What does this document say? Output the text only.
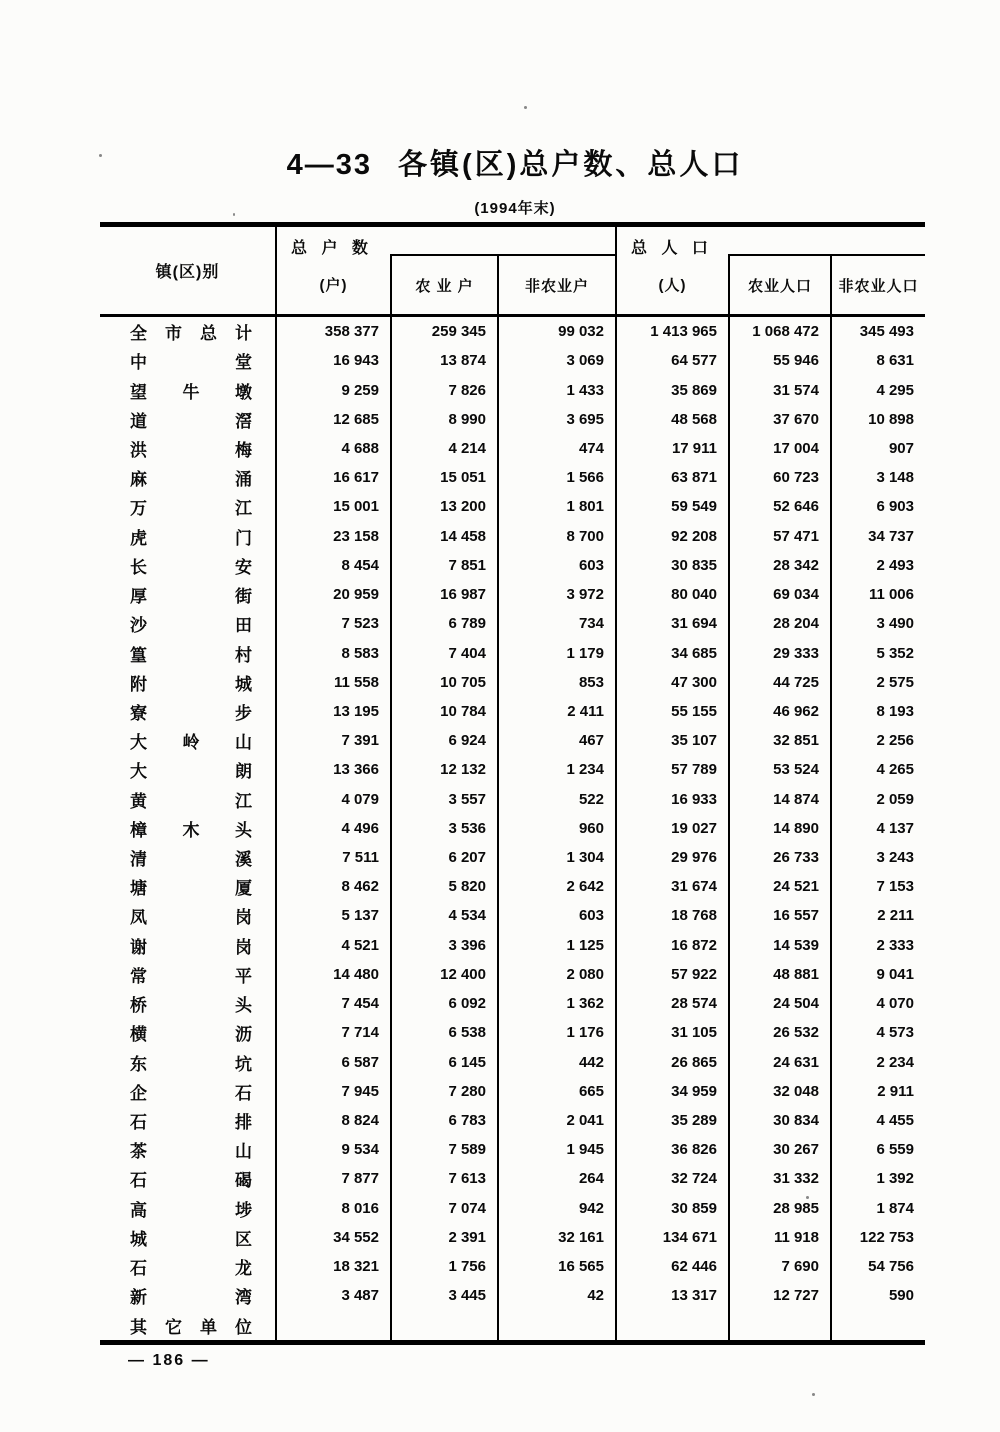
4—33 各镇(区)总户数、总人口
(1994年末)
镇(区)别
总 户 数
(户)	农 业 户	非农业户
总 人 口
(人)	农业人口	非农业人口
全 市 总 计	358 377	259 345	99 032	1 413 965	1 068 472	345 493
中	堂	16 943	13 874	3 069	64 577	55 946	8 631
望 牛 墩	9 259	7 826	1 433	35 869	31 574	4 295
道	滘	12 685	8 990	3 695	48 568	37 670	10 898
洪	梅	4 688	4 214	474	17 911	17 004	907
麻	涌	16 617	15 051	1 566	63 871	60 723	3 148
万	江	15 001	13 200	1 801	59 549	52 646	6 903
虎	门	23 158	14 458	8 700	92 208	57 471	34 737
长	安	8 454	7 851	603	30 835	28 342	2 493
厚	街	20 959	16 987	3 972	80 040	69 034	11 006
沙	田	7 523	6 789	734	31 694	28 204	3 490
篁	村	8 583	7 404	1 179	34 685	29 333	5 352
附	城	11 558	10 705	853	47 300	44 725	2 575
寮	步	13 195	10 784	2 411	55 155	46 962	8 193
大 岭 山	7 391	6 924	467	35 107	32 851	2 256
大	朗	13 366	12 132	1 234	57 789	53 524	4 265
黄	江	4 079	3 557	522	16 933	14 874	2 059
樟 木 头	4 496	3 536	960	19 027	14 890	4 137
清	溪	7 511	6 207	1 304	29 976	26 733	3 243
塘	厦	8 462	5 820	2 642	31 674	24 521	7 153
凤	岗	5 137	4 534	603	18 768	16 557	2 211
谢	岗	4 521	3 396	1 125	16 872	14 539	2 333
常	平	14 480	12 400	2 080	57 922	48 881	9 041
桥	头	7 454	6 092	1 362	28 574	24 504	4 070
横	沥	7 714	6 538	1 176	31 105	26 532	4 573
东	坑	6 587	6 145	442	26 865	24 631	2 234
企	石	7 945	7 280	665	34 959	32 048	2 911
石	排	8 824	6 783	2 041	35 289	30 834	4 455
茶	山	9 534	7 589	1 945	36 826	30 267	6 559
石	碣	7 877	7 613	264	32 724	31 332	1 392
高	埗	8 016	7 074	942	30 859	28 985	1 874
城	区	34 552	2 391	32 161	134 671	11 918	122 753
石	龙	18 321	1 756	16 565	62 446	7 690	54 756
新	湾	3 487	3 445	42	13 317	12 727	590
其 它 单 位
— 186 —
